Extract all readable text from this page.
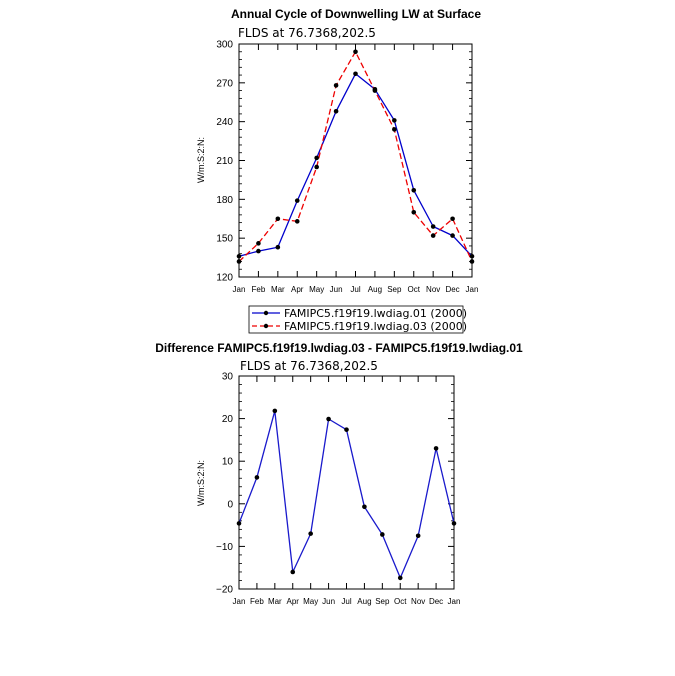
Annual Cycle of Downwelling LW at Surface
FLDS at 76.7368,202.5
W/m:S:2:N:
120
150
180
210
240
270
300
Jan Feb Mar Apr May Jun Jul Aug Sep Oct Nov Dec Jan
FAMIPC5.f19f19.lwdiag.01 (2000)
FAMIPC5.f19f19.lwdiag.03 (2000)
Difference FAMIPC5.f19f19.lwdiag.03 - FAMIPC5.f19f19.lwdiag.01
FLDS at 76.7368,202.5
W/m:S:2:N:
−20
−10
0
10
20
30
Jan Feb Mar Apr May Jun Jul Aug Sep Oct Nov Dec Jan
